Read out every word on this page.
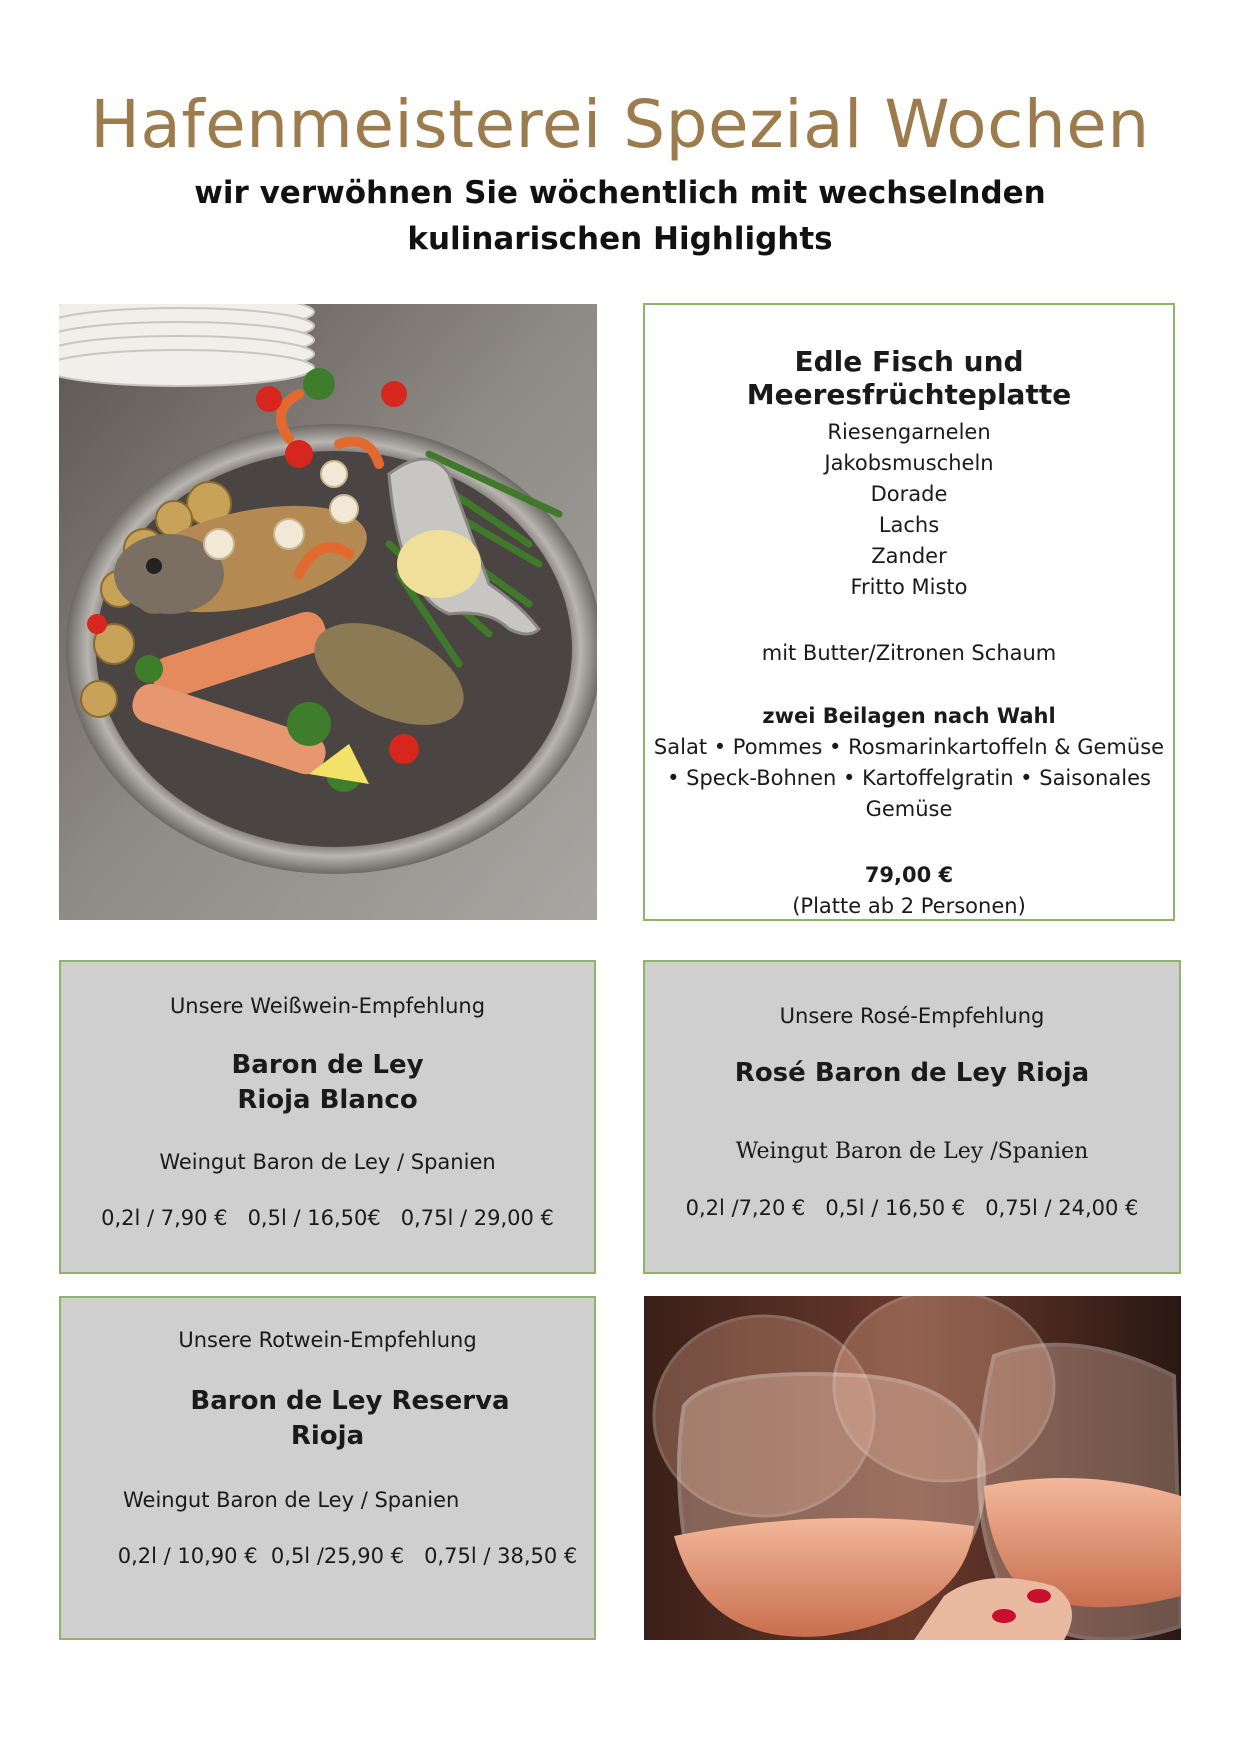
Hafenmeisterei Spezial Wochen
wir verwöhnen Sie wöchentlich mit wechselnden
kulinarischen Highlights
Edle Fisch und Meeresfrüchteplatte
Riesengarnelen
Jakobsmuscheln
Dorade
Lachs
Zander
Fritto Misto
mit Butter/Zitronen Schaum
zwei Beilagen nach Wahl
Salat • Pommes • Rosmarinkartoffeln & Gemüse
• Speck-Bohnen • Kartoffelgratin • Saisonales
Gemüse
79,00 €
(Platte ab 2 Personen)
Unsere Weißwein-Empfehlung
Baron de Ley
Rioja Blanco
Weingut Baron de Ley / Spanien
0,2l / 7,90 €   0,5l / 16,50€   0,75l / 29,00 €
Unsere Rosé-Empfehlung
Rosé Baron de Ley Rioja
Weingut Baron de Ley /Spanien
0,2l /7,20 €   0,5l / 16,50 €   0,75l / 24,00 €
Unsere Rotwein-Empfehlung
Baron de Ley Reserva
Rioja
Weingut Baron de Ley / Spanien
0,2l / 10,90 €  0,5l /25,90 €   0,75l / 38,50 €
